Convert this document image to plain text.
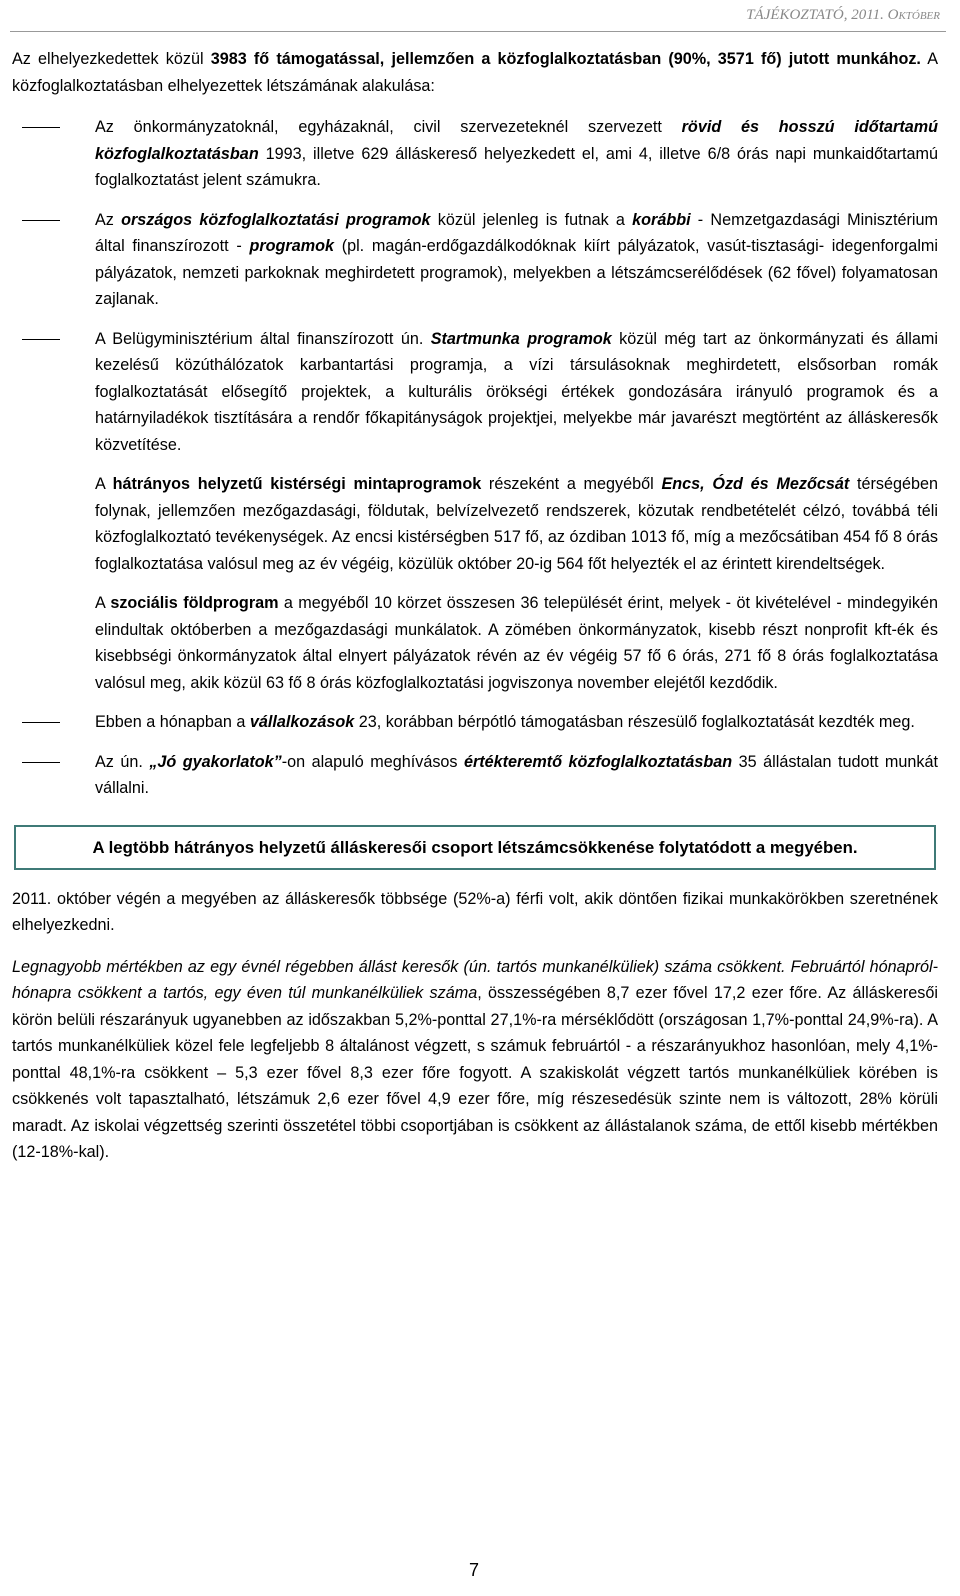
TÁJÉKOZTATÓ, 2011. Október

Az elhelyezkedettek közül 3983 fő támogatással, jellemzően a közfoglalkoztatásban (90%, 3571 fő) jutott munkához. A közfoglalkoztatásban elhelyezettek létszámának alakulása:

Az önkormányzatoknál, egyházaknál, civil szervezeteknél szervezett rövid és hosszú időtartamú közfoglalkoztatásban 1993, illetve 629 álláskereső helyezkedett el, ami 4, illetve 6/8 órás napi munkaidőtartamú foglalkoztatást jelent számukra.

Az országos közfoglalkoztatási programok közül jelenleg is futnak a korábbi - Nemzetgazdasági Minisztérium által finanszírozott - programok (pl. magán-erdőgazdálkodóknak kiírt pályázatok, vasút-tisztasági- idegenforgalmi pályázatok, nemzeti parkoknak meghirdetett programok), melyekben a létszámcserélődések (62 fővel) folyamatosan zajlanak.

A Belügyminisztérium által finanszírozott ún. Startmunka programok közül még tart az önkormányzati és állami kezelésű közúthálózatok karbantartási programja, a vízi társulásoknak meghirdetett, elsősorban romák foglalkoztatását elősegítő projektek, a kulturális örökségi értékek gondozására irányuló programok és a határnyiladékok tisztítására a rendőr főkapitányságok projektjei, melyekbe már javarészt megtörtént az álláskeresők közvetítése.

A hátrányos helyzetű kistérségi mintaprogramok részeként a megyéből Encs, Ózd és Mezőcsát térségében folynak, jellemzően mezőgazdasági, földutak, belvízelvezető rendszerek, közutak rendbetételét célzó, továbbá téli közfoglalkoztató tevékenységek. Az encsi kistérségben 517 fő, az ózdiban 1013 fő, míg a mezőcsátiban 454 fő 8 órás foglalkoztatása valósul meg az év végéig, közülük október 20-ig 564 főt helyezték el az érintett kirendeltségek.

A szociális földprogram a megyéből 10 körzet összesen 36 települését érint, melyek - öt kivételével - mindegyikén elindultak októberben a mezőgazdasági munkálatok. A zömében önkormányzatok, kisebb részt nonprofit kft-ék és kisebbségi önkormányzatok által elnyert pályázatok révén az év végéig 57 fő 6 órás, 271 fő 8 órás foglalkoztatása valósul meg, akik közül 63 fő 8 órás közfoglalkoztatási jogviszonya november elejétől kezdődik.

Ebben a hónapban a vállalkozások 23, korábban bérpótló támogatásban részesülő foglalkoztatását kezdték meg.

Az ún. „Jó gyakorlatok”-on alapuló meghívásos értékteremtő közfoglalkoztatásban 35 állástalan tudott munkát vállalni.

A legtöbb hátrányos helyzetű álláskeresői csoport létszámcsökkenése folytatódott a megyében.

2011. október végén a megyében az álláskeresők többsége (52%-a) férfi volt, akik döntően fizikai munkakörökben szeretnének elhelyezkedni.

Legnagyobb mértékben az egy évnél régebben állást keresők (ún. tartós munkanélküliek) száma csökkent. Februártól hónapról-hónapra csökkent a tartós, egy éven túl munkanélküliek száma, összességében 8,7 ezer fővel 17,2 ezer főre. Az álláskeresői körön belüli részarányuk ugyanebben az időszakban 5,2%-ponttal 27,1%-ra mérséklődött (országosan 1,7%-ponttal 24,9%-ra). A tartós munkanélküliek közel fele legfeljebb 8 általánost végzett, s számuk februártól - a részarányukhoz hasonlóan, mely 4,1%-ponttal 48,1%-ra csökkent – 5,3 ezer fővel 8,3 ezer főre fogyott. A szakiskolát végzett tartós munkanélküliek körében is csökkenés volt tapasztalható, létszámuk 2,6 ezer fővel 4,9 ezer főre, míg részesedésük szinte nem is változott, 28% körüli maradt. Az iskolai végzettség szerinti összetétel többi csoportjában is csökkent az állástalanok száma, de ettől kisebb mértékben (12-18%-kal).

7
